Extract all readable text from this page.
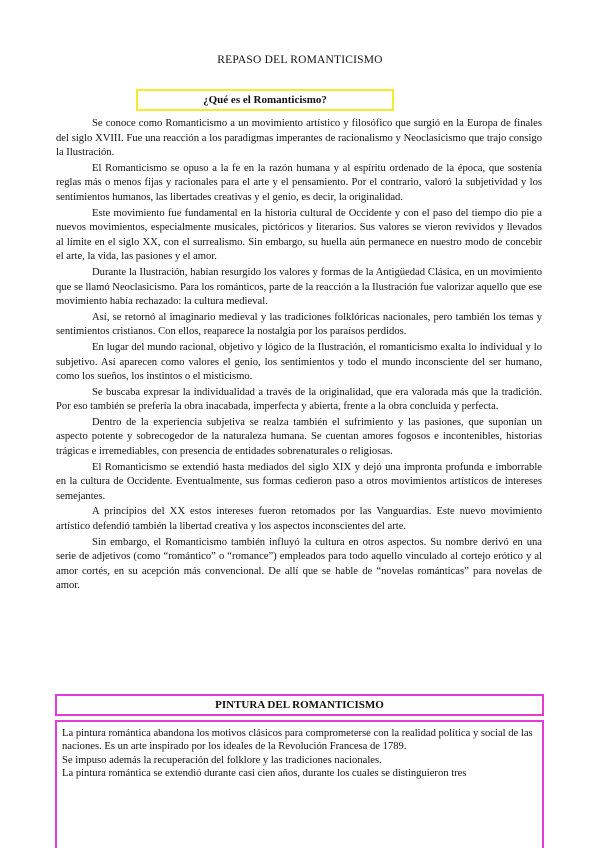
REPASO DEL ROMANTICISMO
¿Qué es el Romanticismo?

Se conoce como Romanticismo a un movimiento artístico y filosófico que surgió en la Europa de finales del siglo XVIII. Fue una reacción a los paradigmas imperantes de racionalismo y Neoclasicismo que trajo consigo la Ilustración.

El Romanticismo se opuso a la fe en la razón humana y al espíritu ordenado de la época, que sostenía reglas más o menos fijas y racionales para el arte y el pensamiento. Por el contrario, valoró la subjetividad y los sentimientos humanos, las libertades creativas y el genio, es decir, la originalidad.

Este movimiento fue fundamental en la historia cultural de Occidente y con el paso del tiempo dio pie a nuevos movimientos, especialmente musicales, pictóricos y literarios. Sus valores se vieron revividos y llevados al límite en el siglo XX, con el surrealismo. Sin embargo, su huella aún permanece en nuestro modo de concebir el arte, la vida, las pasiones y el amor.

Durante la Ilustración, habían resurgido los valores y formas de la Antigüedad Clásica, en un movimiento que se llamó Neoclasicismo. Para los románticos, parte de la reacción a la Ilustración fue valorizar aquello que ese movimiento había rechazado: la cultura medieval.

Así, se retornó al imaginario medieval y las tradiciones folklóricas nacionales, pero también los temas y sentimientos cristianos. Con ellos, reaparece la nostalgia por los paraísos perdidos.

En lugar del mundo racional, objetivo y lógico de la Ilustración, el romanticismo exalta lo individual y lo subjetivo. Así aparecen como valores el genio, los sentimientos y todo el mundo inconsciente del ser humano, como los sueños, los instintos o el misticismo.

Se buscaba expresar la individualidad a través de la originalidad, que era valorada más que la tradición. Por eso también se prefería la obra inacabada, imperfecta y abierta, frente a la obra concluida y perfecta.

Dentro de la experiencia subjetiva se realza también el sufrimiento y las pasiones, que suponían un aspecto potente y sobrecogedor de la naturaleza humana. Se cuentan amores fogosos e incontenibles, historias trágicas e irremediables, con presencia de entidades sobrenaturales o religiosas.

El Romanticismo se extendió hasta mediados del siglo XIX y dejó una impronta profunda e imborrable en la cultura de Occidente. Eventualmente, sus formas cedieron paso a otros movimientos artísticos de intereses semejantes.

A principios del XX estos intereses fueron retomados por las Vanguardias. Este nuevo movimiento artístico defendió también la libertad creativa y los aspectos inconscientes del arte.

Sin embargo, el Romanticismo también influyó la cultura en otros aspectos. Su nombre derivó en una serie de adjetivos (como “romántico” o “romance”) empleados para todo aquello vinculado al cortejo erótico y al amor cortés, en su acepción más convencional. De allí que se hable de “novelas románticas” para novelas de amor.

PINTURA DEL ROMANTICISMO

La pintura romántica abandona los motivos clásicos para comprometerse con la realidad política y social de las naciones. Es un arte inspirado por los ideales de la Revolución Francesa de 1789.

Se impuso además la recuperación del folklore y las tradiciones nacionales.

La pintura romántica se extendió durante casi cien años, durante los cuales se distinguieron tres
